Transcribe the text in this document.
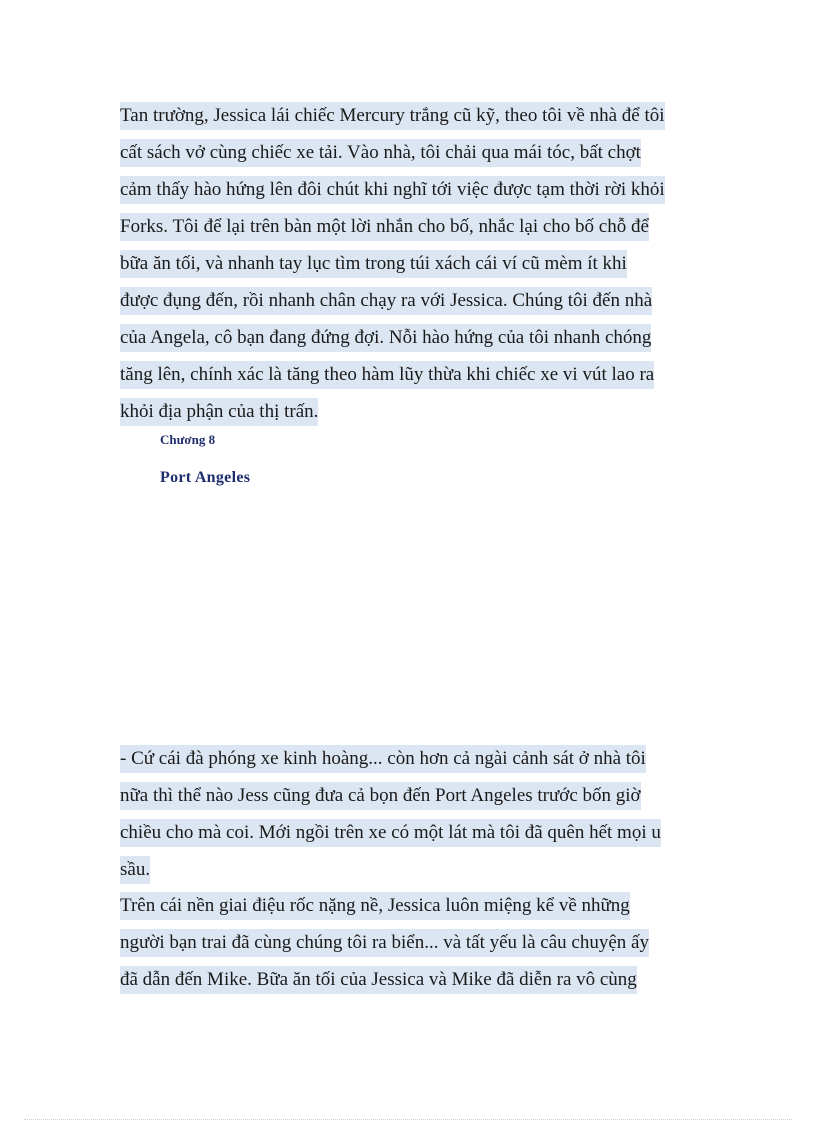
Tan trường, Jessica lái chiếc Mercury trắng cũ kỹ, theo tôi về nhà để tôi
cất sách vở cùng chiếc xe tải. Vào nhà, tôi chải qua mái tóc, bất chợt
cảm thấy hào hứng lên đôi chút khi nghĩ tới việc được tạm thời rời khỏi
Forks. Tôi để lại trên bàn một lời nhắn cho bố, nhắc lại cho bố chỗ để
bữa ăn tối, và nhanh tay lục tìm trong túi xách cái ví cũ mèm ít khi
được đụng đến, rồi nhanh chân chạy ra với Jessica. Chúng tôi đến nhà
của Angela, cô bạn đang đứng đợi. Nỗi hào hứng của tôi nhanh chóng
tăng lên, chính xác là tăng theo hàm lũy thừa khi chiếc xe vi vút lao ra
khỏi địa phận của thị trấn.
Chương 8
Port Angeles
- Cứ cái đà phóng xe kinh hoàng... còn hơn cả ngài cảnh sát ở nhà tôi
nữa thì thể nào Jess cũng đưa cả bọn đến Port Angeles trước bốn giờ
chiều cho mà coi. Mới ngồi trên xe có một lát mà tôi đã quên hết mọi u
sầu.
Trên cái nền giai điệu rốc nặng nề, Jessica luôn miệng kể về những
người bạn trai đã cùng chúng tôi ra biển... và tất yếu là câu chuyện ấy
đã dẫn đến Mike. Bữa ăn tối của Jessica và Mike đã diễn ra vô cùng
